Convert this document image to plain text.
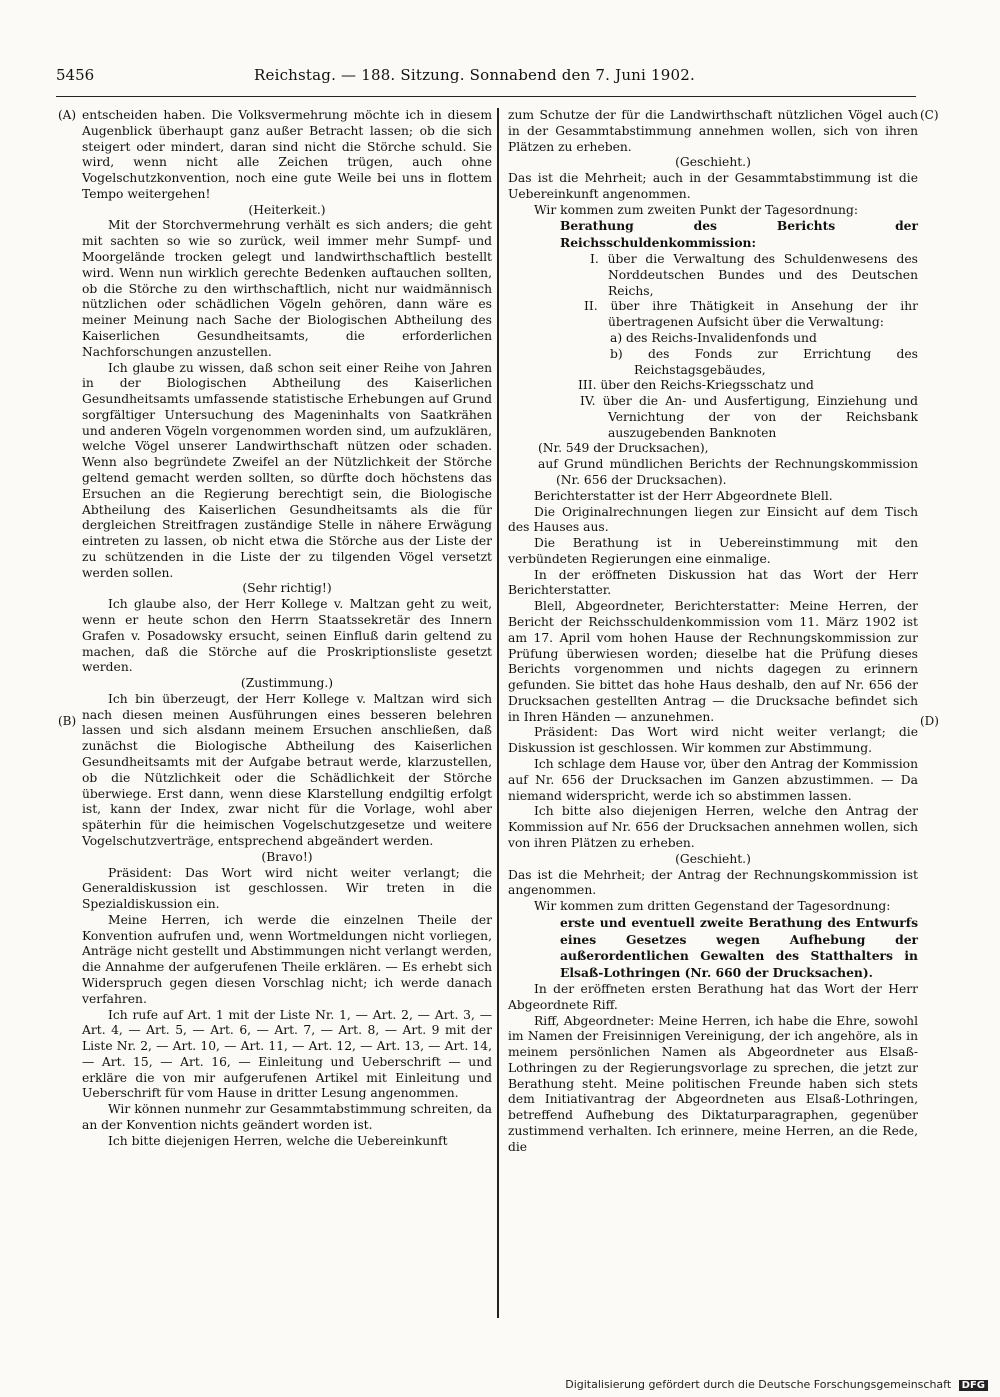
5456	Reichstag. — 188. Sitzung. Sonnabend den 7. Juni 1902.
(A)
(B)
(C)
(D)

entscheiden haben. Die Volksvermehrung möchte ich in diesem Augenblick überhaupt ganz außer Betracht lassen; ob die sich steigert oder mindert, daran sind nicht die Störche schuld. Sie wird, wenn nicht alle Zeichen trügen, auch ohne Vogelschutzkonvention, noch eine gute Weile bei uns in flottem Tempo weitergehen!

(Heiterkeit.)

Mit der Storchvermehrung verhält es sich anders; die geht mit sachten so wie so zurück, weil immer mehr Sumpf- und Moorgelände trocken gelegt und landwirthschaftlich bestellt wird. Wenn nun wirklich gerechte Bedenken auftauchen sollten, ob die Störche zu den wirthschaftlich, nicht nur waidmännisch nützlichen oder schädlichen Vögeln gehören, dann wäre es meiner Meinung nach Sache der Biologischen Abtheilung des Kaiserlichen Gesundheitsamts, die erforderlichen Nachforschungen anzustellen.

Ich glaube zu wissen, daß schon seit einer Reihe von Jahren in der Biologischen Abtheilung des Kaiserlichen Gesundheitsamts umfassende statistische Erhebungen auf Grund sorgfältiger Untersuchung des Mageninhalts von Saatkrähen und anderen Vögeln vorgenommen worden sind, um aufzuklären, welche Vögel unserer Landwirthschaft nützen oder schaden. Wenn also begründete Zweifel an der Nützlichkeit der Störche geltend gemacht werden sollten, so dürfte doch höchstens das Ersuchen an die Regierung berechtigt sein, die Biologische Abtheilung des Kaiserlichen Gesundheitsamts als die für dergleichen Streitfragen zuständige Stelle in nähere Erwägung eintreten zu lassen, ob nicht etwa die Störche aus der Liste der zu schützenden in die Liste der zu tilgenden Vögel versetzt werden sollen.

(Sehr richtig!)

Ich glaube also, der Herr Kollege v. Maltzan geht zu weit, wenn er heute schon den Herrn Staatssekretär des Innern Grafen v. Posadowsky ersucht, seinen Einfluß darin geltend zu machen, daß die Störche auf die Proskriptionsliste gesetzt werden.

(Zustimmung.)

Ich bin überzeugt, der Herr Kollege v. Maltzan wird sich nach diesen meinen Ausführungen eines besseren belehren lassen und sich alsdann meinem Ersuchen anschließen, daß zunächst die Biologische Abtheilung des Kaiserlichen Gesundheitsamts mit der Aufgabe betraut werde, klarzustellen, ob die Nützlichkeit oder die Schädlichkeit der Störche überwiege. Erst dann, wenn diese Klarstellung endgiltig erfolgt ist, kann der Index, zwar nicht für die Vorlage, wohl aber späterhin für die heimischen Vogelschutzgesetze und weitere Vogelschutzverträge, entsprechend abgeändert werden.

(Bravo!)

Präsident: Das Wort wird nicht weiter verlangt; die Generaldiskussion ist geschlossen. Wir treten in die Spezialdiskussion ein.

Meine Herren, ich werde die einzelnen Theile der Konvention aufrufen und, wenn Wortmeldungen nicht vorliegen, Anträge nicht gestellt und Abstimmungen nicht verlangt werden, die Annahme der aufgerufenen Theile erklären. — Es erhebt sich Widerspruch gegen diesen Vorschlag nicht; ich werde danach verfahren.

Ich rufe auf Art. 1 mit der Liste Nr. 1, — Art. 2, — Art. 3, — Art. 4, — Art. 5, — Art. 6, — Art. 7, — Art. 8, — Art. 9 mit der Liste Nr. 2, — Art. 10, — Art. 11, — Art. 12, — Art. 13, — Art. 14, — Art. 15, — Art. 16, — Einleitung und Ueberschrift — und erkläre die von mir aufgerufenen Artikel mit Einleitung und Ueberschrift für vom Hause in dritter Lesung angenommen.

Wir können nunmehr zur Gesammtabstimmung schreiten, da an der Konvention nichts geändert worden ist.

Ich bitte diejenigen Herren, welche die Uebereinkunft

zum Schutze der für die Landwirthschaft nützlichen Vögel auch in der Gesammtabstimmung annehmen wollen, sich von ihren Plätzen zu erheben.

(Geschieht.)

Das ist die Mehrheit; auch in der Gesammtabstimmung ist die Uebereinkunft angenommen.

Wir kommen zum zweiten Punkt der Tagesordnung:

Berathung des Berichts der Reichsschuldenkommission:

I. über die Verwaltung des Schuldenwesens des Norddeutschen Bundes und des Deutschen Reichs,

II. über ihre Thätigkeit in Ansehung der ihr übertragenen Aufsicht über die Verwaltung:

a) des Reichs-Invalidenfonds und

b) des Fonds zur Errichtung des Reichstagsgebäudes,

III. über den Reichs-Kriegsschatz und

IV. über die An- und Ausfertigung, Einziehung und Vernichtung der von der Reichsbank auszugebenden Banknoten

(Nr. 549 der Drucksachen),

auf Grund mündlichen Berichts der Rechnungskommission (Nr. 656 der Drucksachen).

Berichterstatter ist der Herr Abgeordnete Blell.

Die Originalrechnungen liegen zur Einsicht auf dem Tisch des Hauses aus.

Die Berathung ist in Uebereinstimmung mit den verbündeten Regierungen eine einmalige.

In der eröffneten Diskussion hat das Wort der Herr Berichterstatter.

Blell, Abgeordneter, Berichterstatter: Meine Herren, der Bericht der Reichsschuldenkommission vom 11. März 1902 ist am 17. April vom hohen Hause der Rechnungskommission zur Prüfung überwiesen worden; dieselbe hat die Prüfung dieses Berichts vorgenommen und nichts dagegen zu erinnern gefunden. Sie bittet das hohe Haus deshalb, den auf Nr. 656 der Drucksachen gestellten Antrag — die Drucksache befindet sich in Ihren Händen — anzunehmen.

Präsident: Das Wort wird nicht weiter verlangt; die Diskussion ist geschlossen. Wir kommen zur Abstimmung.

Ich schlage dem Hause vor, über den Antrag der Kommission auf Nr. 656 der Drucksachen im Ganzen abzustimmen. — Da niemand widerspricht, werde ich so abstimmen lassen.

Ich bitte also diejenigen Herren, welche den Antrag der Kommission auf Nr. 656 der Drucksachen annehmen wollen, sich von ihren Plätzen zu erheben.

(Geschieht.)

Das ist die Mehrheit; der Antrag der Rechnungskommission ist angenommen.

Wir kommen zum dritten Gegenstand der Tagesordnung:

erste und eventuell zweite Berathung des Entwurfs eines Gesetzes wegen Aufhebung der außerordentlichen Gewalten des Statthalters in Elsaß-Lothringen (Nr. 660 der Drucksachen).

In der eröffneten ersten Berathung hat das Wort der Herr Abgeordnete Riff.

Riff, Abgeordneter: Meine Herren, ich habe die Ehre, sowohl im Namen der Freisinnigen Vereinigung, der ich angehöre, als in meinem persönlichen Namen als Abgeordneter aus Elsaß-Lothringen zu der Regierungsvorlage zu sprechen, die jetzt zur Berathung steht. Meine politischen Freunde haben sich stets dem Initiativantrag der Abgeordneten aus Elsaß-Lothringen, betreffend Aufhebung des Diktaturparagraphen, gegenüber zustimmend verhalten. Ich erinnere, meine Herren, an die Rede, die

Digitalisierung gefördert durch die Deutsche Forschungsgemeinschaft DFG
